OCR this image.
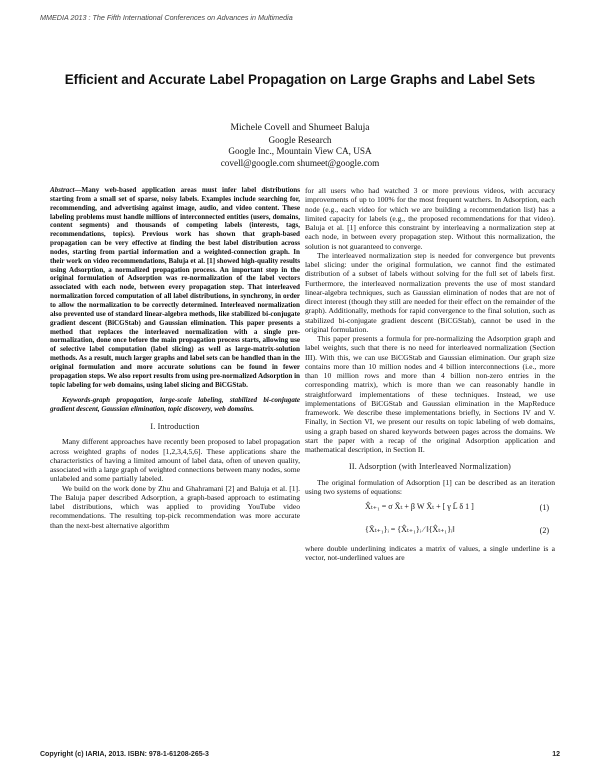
MMEDIA 2013 : The Fifth International Conferences on Advances in Multimedia
Efficient and Accurate Label Propagation on Large Graphs and Label Sets
Michele Covell and Shumeet Baluja
Google Research
Google Inc., Mountain View CA, USA
covell@google.com shumeet@google.com

Abstract—Many web-based application areas must infer label distributions starting from a small set of sparse, noisy labels. Examples include searching for, recommending, and advertising against image, audio, and video content. These labeling problems must handle millions of interconnected entities (users, domains, content segments) and thousands of competing labels (interests, tags, recommendations, topics). Previous work has shown that graph-based propagation can be very effective at finding the best label distribution across nodes, starting from partial information and a weighted-connection graph. In their work on video recommendations, Baluja et al. [1] showed high-quality results using Adsorption, a normalized propagation process. An important step in the original formulation of Adsorption was re-normalization of the label vectors associated with each node, between every propagation step. That interleaved normalization forced computation of all label distributions, in synchrony, in order to allow the normalization to be correctly determined. Interleaved normalization also prevented use of standard linear-algebra methods, like stabilized bi-conjugate gradient descent (BiCGStab) and Gaussian elimination. This paper presents a method that replaces the interleaved normalization with a single pre-normalization, done once before the main propagation process starts, allowing use of selective label computation (label slicing) as well as large-matrix-solution methods. As a result, much larger graphs and label sets can be handled than in the original formulation and more accurate solutions can be found in fewer propagation steps. We also report results from using pre-normalized Adsorption in topic labeling for web domains, using label slicing and BiCGStab.

Keywords-graph propagation, large-scale labeling, stabilized bi-conjugate gradient descent, Gaussian elimination, topic discovery, web domains.

I. Introduction

Many different approaches have recently been proposed to label propagation across weighted graphs of nodes [1,2,3,4,5,6]. These applications share the characteristics of having a limited amount of label data, often of uneven quality, associated with a large graph of weighted connections between many nodes, some unlabeled and some partially labeled.

We build on the work done by Zhu and Ghahramani [2] and Baluja et al. [1]. The Baluja paper described Adsorption, a graph-based approach to estimating label distributions, which was applied to providing YouTube video recommendations. The resulting top-pick recommendation was more accurate than the next-best alternative algorithm

for all users who had watched 3 or more previous videos, with accuracy improvements of up to 100% for the most frequent watchers. In Adsorption, each node (e.g., each video for which we are building a recommendation list) has a limited capacity for labels (e.g., the proposed recommendations for that video). Baluja et al. [1] enforce this constraint by interleaving a normalization step at each node, in between every propagation step. Without this normalization, the solution is not guaranteed to converge.

The interleaved normalization step is needed for convergence but prevents label slicing: under the original formulation, we cannot find the estimated distribution of a subset of labels without solving for the full set of labels first. Furthermore, the interleaved normalization prevents the use of most standard linear-algebra techniques, such as Gaussian elimination of nodes that are not of direct interest (though they still are needed for their effect on the remainder of the graph). Additionally, methods for rapid convergence to the final solution, such as stabilized bi-conjugate gradient descent (BiCGStab), cannot be used in the original formulation.

This paper presents a formula for pre-normalizing the Adsorption graph and label weights, such that there is no need for interleaved normalization (Section III). With this, we can use BiCGStab and Gaussian elimination. Our graph size contains more than 10 million nodes and 4 billion interconnections (i.e., more than 10 million rows and more than 4 billion non-zero entries in the corresponding matrix), which is more than we can reasonably handle in straightforward implementations of these techniques. Instead, we use implementations of BiCGStab and Gaussian elimination in the MapReduce framework. We describe these implementations briefly, in Sections IV and V. Finally, in Section VI, we present our results on topic labeling of web domains, using a graph based on shared keywords between pages across the domains. We start the paper with a recap of the original Adsorption application and mathematical description, in Section II.

II. Adsorption (with Interleaved Normalization)

The original formulation of Adsorption [1] can be described as an iteration using two systems of equations:

X̂ₜ₊₁ = σ X̄ₜ + β W X̄ₜ + [ γ L̄ δ 1 ]	(1)
{X̄ₜ₊₁}ᵢ = {X̂ₜ₊₁}ᵢ ⁄ ‖{X̂ₜ₊₁}ᵢ‖	(2)

where double underlining indicates a matrix of values, a single underline is a vector, not-underlined values are

Copyright (c) IARIA, 2013. ISBN: 978-1-61208-265-3	12
